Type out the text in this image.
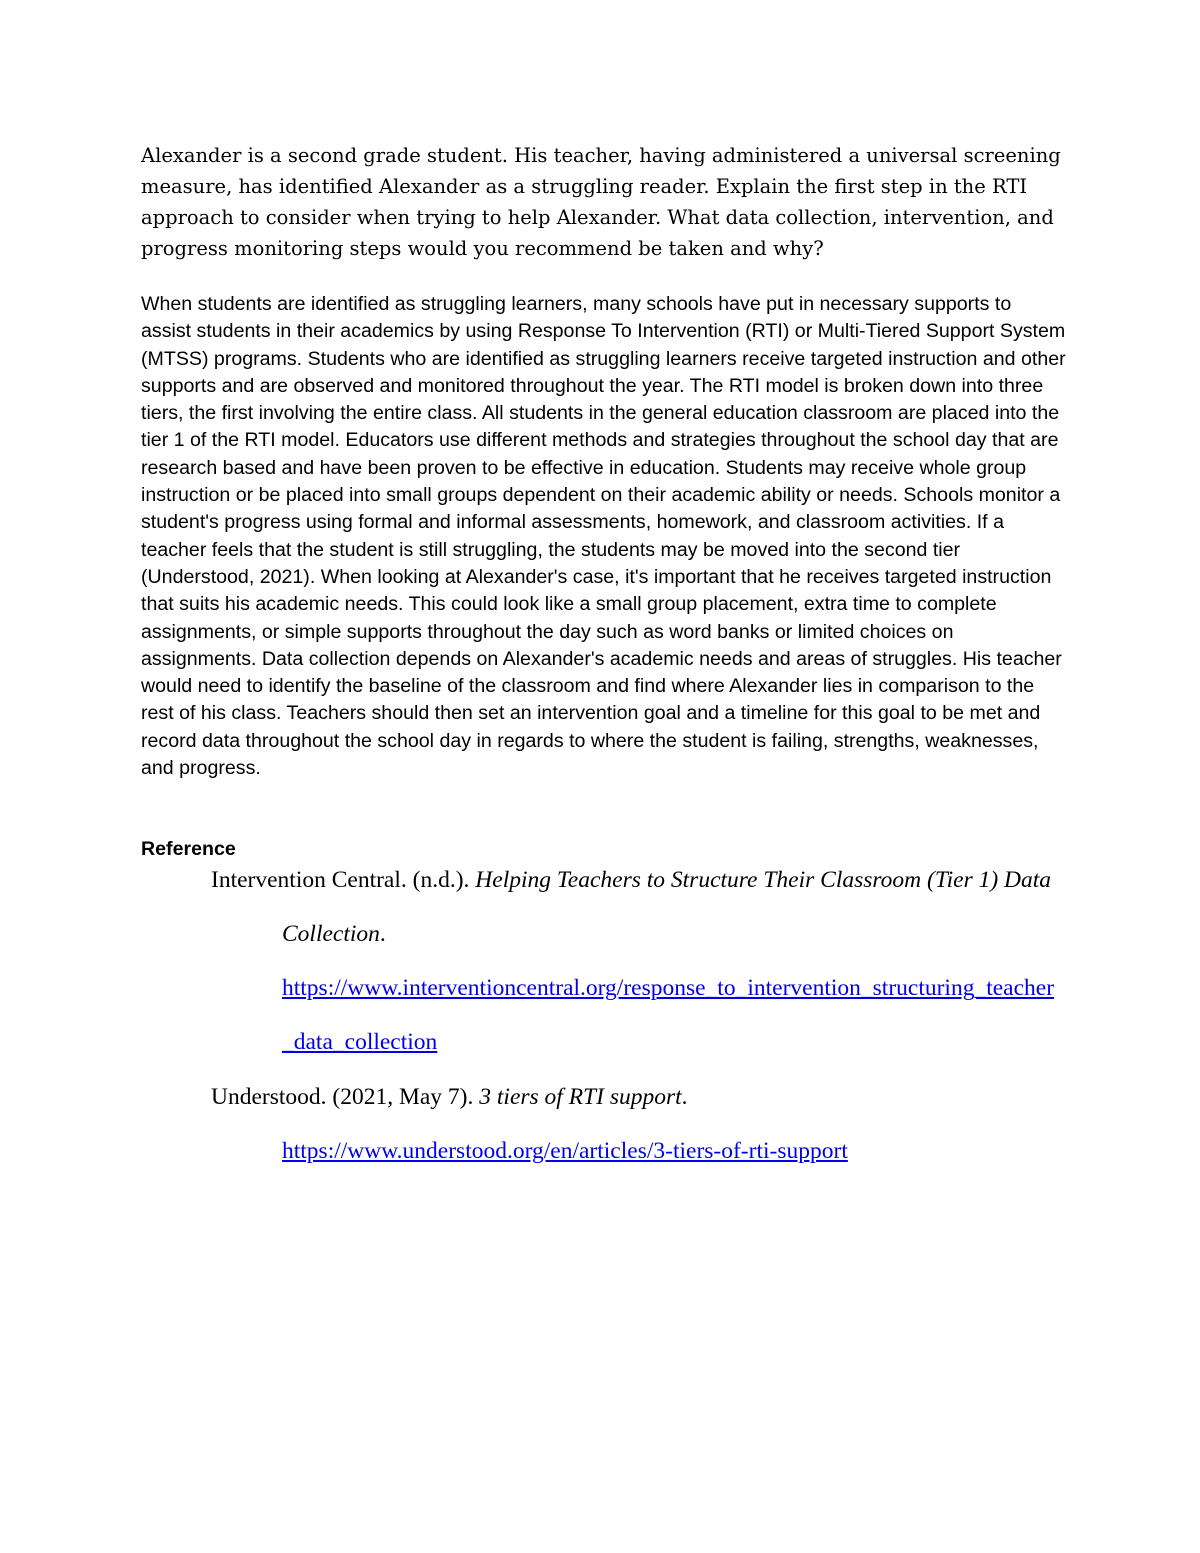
Alexander is a second grade student. His teacher, having administered a universal screening measure, has identified Alexander as a struggling reader. Explain the first step in the RTI approach to consider when trying to help Alexander. What data collection, intervention, and progress monitoring steps would you recommend be taken and why?

When students are identified as struggling learners, many schools have put in necessary supports to assist students in their academics by using Response To Intervention (RTI) or Multi-Tiered Support System (MTSS) programs. Students who are identified as struggling learners receive targeted instruction and other supports and are observed and monitored throughout the year. The RTI model is broken down into three tiers, the first involving the entire class. All students in the general education classroom are placed into the tier 1 of the RTI model. Educators use different methods and strategies throughout the school day that are research based and have been proven to be effective in education. Students may receive whole group instruction or be placed into small groups dependent on their academic ability or needs. Schools monitor a student's progress using formal and informal assessments, homework, and classroom activities. If a teacher feels that the student is still struggling, the students may be moved into the second tier (Understood, 2021). When looking at Alexander's case, it's important that he receives targeted instruction that suits his academic needs. This could look like a small group placement, extra time to complete assignments, or simple supports throughout the day such as word banks or limited choices on assignments. Data collection depends on Alexander's academic needs and areas of struggles. His teacher would need to identify the baseline of the classroom and find where Alexander lies in comparison to the rest of his class. Teachers should then set an intervention goal and a timeline for this goal to be met and record data throughout the school day in regards to where the student is failing, strengths, weaknesses, and progress.

Reference

Intervention Central. (n.d.). Helping Teachers to Structure Their Classroom (Tier 1) Data

Collection.

https://www.interventioncentral.org/response_to_intervention_structuring_teacher

_data_collection

Understood. (2021, May 7). 3 tiers of RTI support.

https://www.understood.org/en/articles/3-tiers-of-rti-support
